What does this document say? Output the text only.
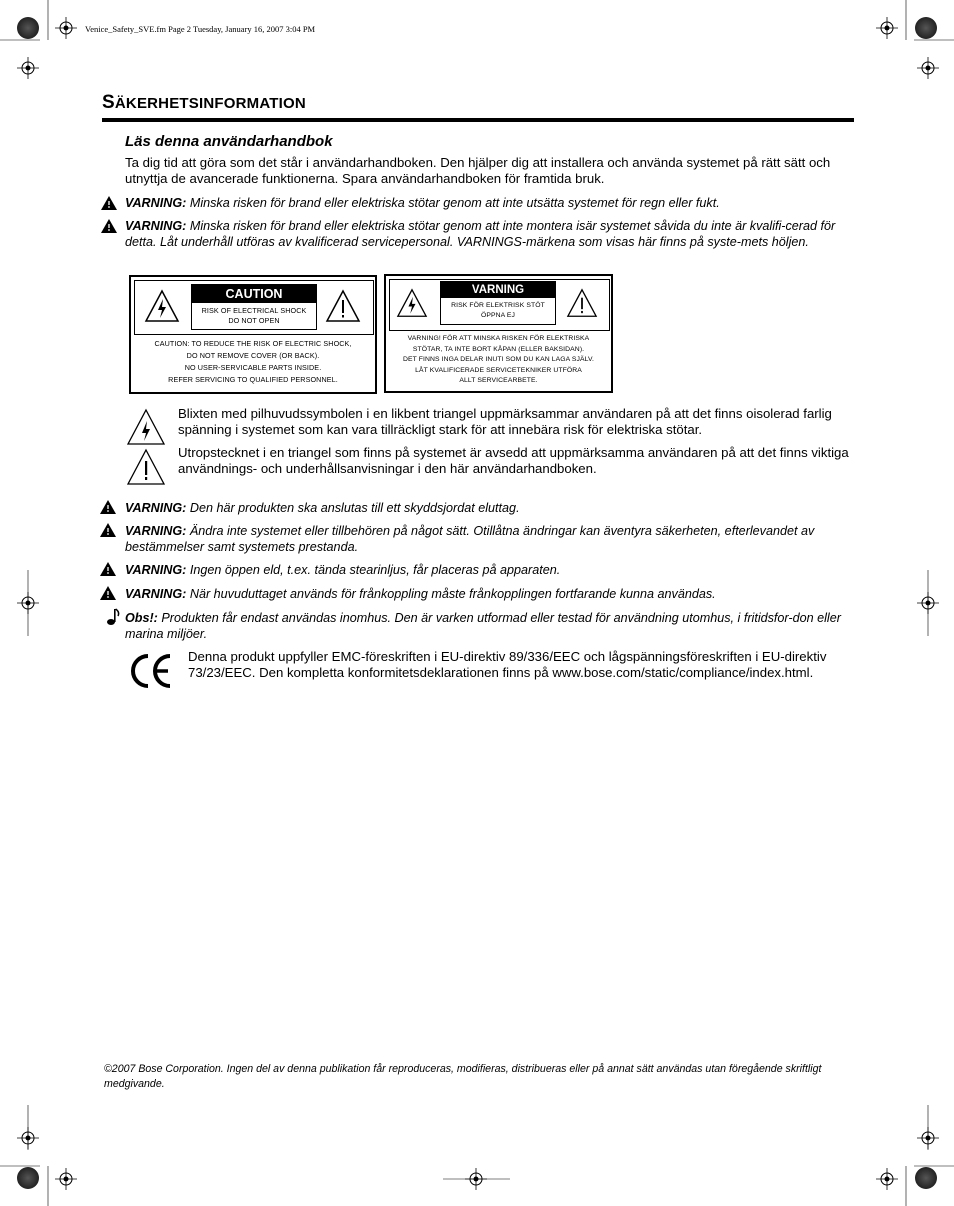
Venice_Safety_SVE.fm Page 2 Tuesday, January 16, 2007 3:04 PM
SÄKERHETSINFORMATION
Läs denna användarhandbok
Ta dig tid att göra som det står i användarhandboken. Den hjälper dig att installera och använda systemet på rätt sätt och utnyttja de avancerade funktionerna. Spara användarhandboken för framtida bruk.
VARNING: Minska risken för brand eller elektriska stötar genom att inte utsätta systemet för regn eller fukt.
VARNING: Minska risken för brand eller elektriska stötar genom att inte montera isär systemet såvida du inte är kvalifi-cerad för detta. Låt underhåll utföras av kvalificerad servicepersonal. VARNINGS-märkena som visas här finns på syste-mets höljen.
CAUTION
RISK OF ELECTRICAL SHOCK
DO NOT OPEN
CAUTION: TO REDUCE THE RISK OF ELECTRIC SHOCK,
DO NOT REMOVE COVER (OR BACK).
NO USER-SERVICABLE PARTS INSIDE.
REFER SERVICING TO QUALIFIED PERSONNEL.
VARNING
RISK FÖR ELEKTRISK STÖT
ÖPPNA EJ
VARNING! FÖR ATT MINSKA RISKEN FÖR ELEKTRISKA
STÖTAR, TA INTE BORT KÅPAN (ELLER BAKSIDAN).
DET FINNS INGA DELAR INUTI SOM DU KAN LAGA SJÄLV.
LÅT KVALIFICERADE SERVICETEKNIKER UTFÖRA
ALLT SERVICEARBETE.
Blixten med pilhuvudssymbolen i en likbent triangel uppmärksammar användaren på att det finns oisolerad farlig spänning i systemet som kan vara tillräckligt stark för att innebära risk för elektriska stötar.
Utropstecknet i en triangel som finns på systemet är avsedd att uppmärksamma användaren på att det finns viktiga användnings- och underhållsanvisningar i den här användarhandboken.
VARNING: Den här produkten ska anslutas till ett skyddsjordat eluttag.
VARNING: Ändra inte systemet eller tillbehören på något sätt. Otillåtna ändringar kan äventyra säkerheten, efterlevandet av bestämmelser samt systemets prestanda.
VARNING: Ingen öppen eld, t.ex. tända stearinljus, får placeras på apparaten.
VARNING: När huvuduttaget används för frånkoppling måste frånkopplingen fortfarande kunna användas.
Obs!: Produkten får endast användas inomhus. Den är varken utformad eller testad för användning utomhus, i fritidsfor-don eller marina miljöer.
Denna produkt uppfyller EMC-föreskriften i EU-direktiv 89/336/EEC och lågspänningsföreskriften i EU-direktiv 73/23/EEC. Den kompletta konformitetsdeklarationen finns på www.bose.com/static/compliance/index.html.
©2007 Bose Corporation. Ingen del av denna publikation får reproduceras, modifieras, distribueras eller på annat sätt användas utan föregående skriftligt medgivande.
